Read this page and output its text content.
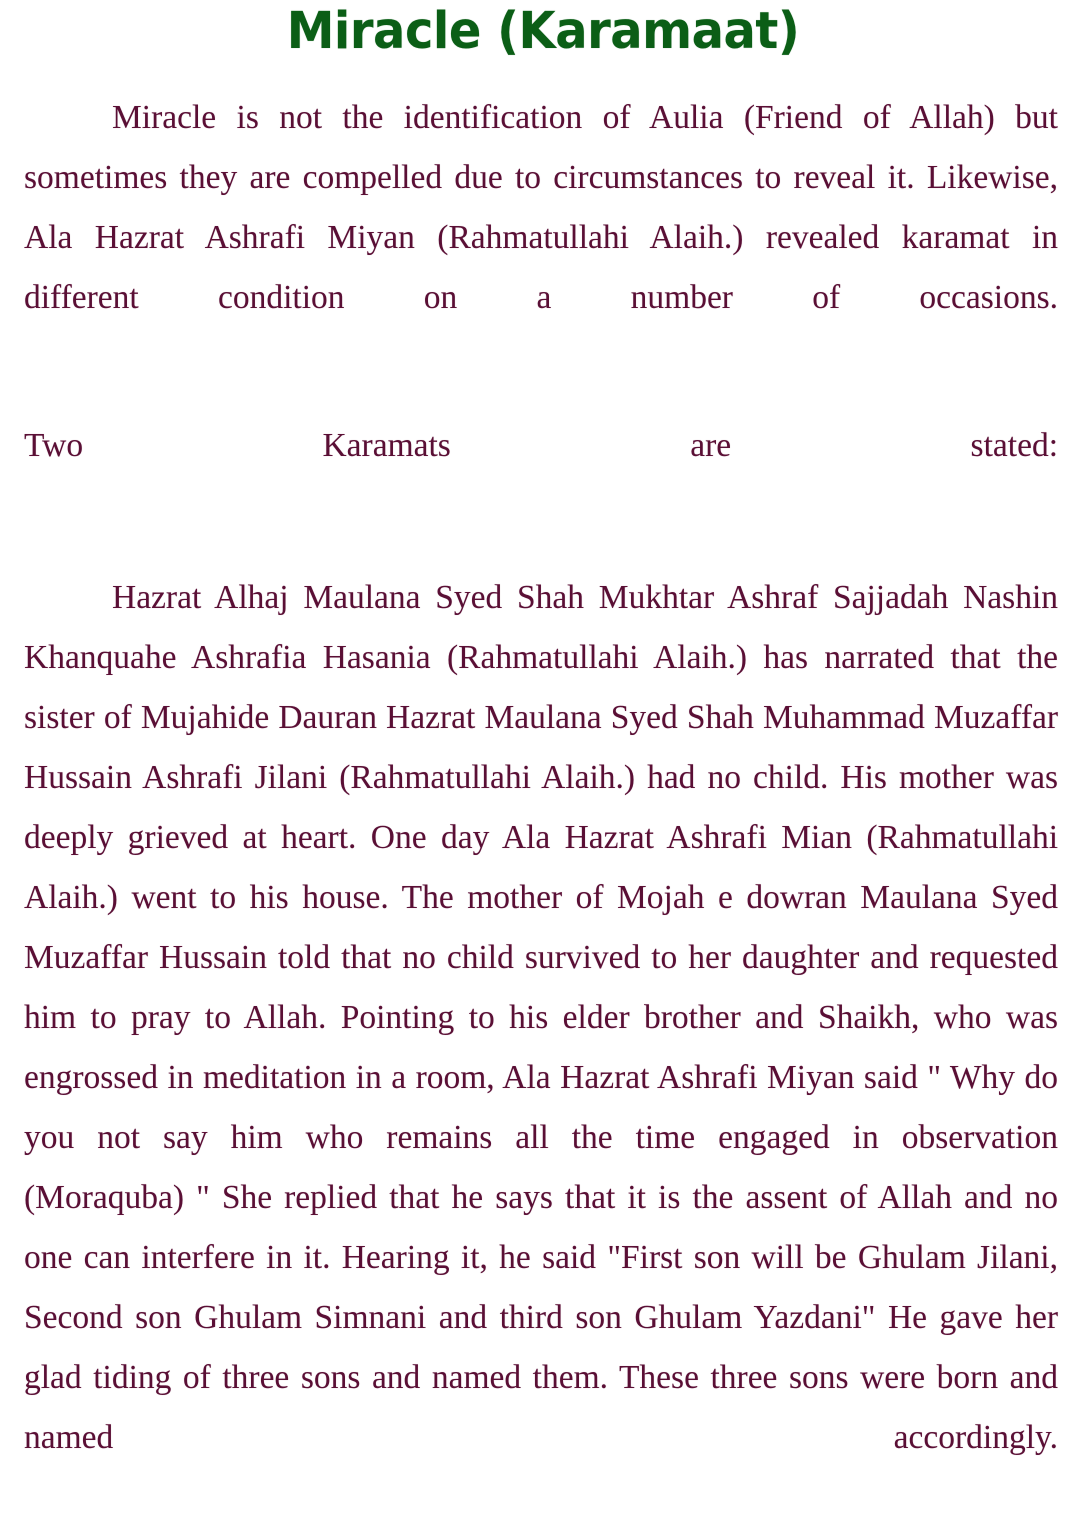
Miracle (Karamaat)

Miracle is not the identification of Aulia (Friend of Allah) but sometimes they are compelled due to circumstances to reveal it. Likewise, Ala Hazrat Ashrafi Miyan (Rahmatullahi Alaih.) revealed karamat in different condition on a number of occasions.

Two Karamats are stated:

Hazrat Alhaj Maulana Syed Shah Mukhtar Ashraf Sajjadah Nashin Khanquahe Ashrafia Hasania (Rahmatullahi Alaih.) has narrated that the sister of Mujahide Dauran Hazrat Maulana Syed Shah Muhammad Muzaffar Hussain Ashrafi Jilani (Rahmatullahi Alaih.) had no child. His mother was deeply grieved at heart. One day Ala Hazrat Ashrafi Mian (Rahmatullahi Alaih.) went to his house. The mother of Mojah e dowran Maulana Syed Muzaffar Hussain told that no child survived to her daughter and requested him to pray to Allah. Pointing to his elder brother and Shaikh, who was engrossed in meditation in a room, Ala Hazrat Ashrafi Miyan said " Why do you not say him who remains all the time engaged in observation (Moraquba) " She replied that he says that it is the assent of Allah and no one can interfere in it. Hearing it, he said "First son will be Ghulam Jilani, Second son Ghulam Simnani and third son Ghulam Yazdani" He gave her glad tiding of three sons and named them. These three sons were born and named accordingly.
